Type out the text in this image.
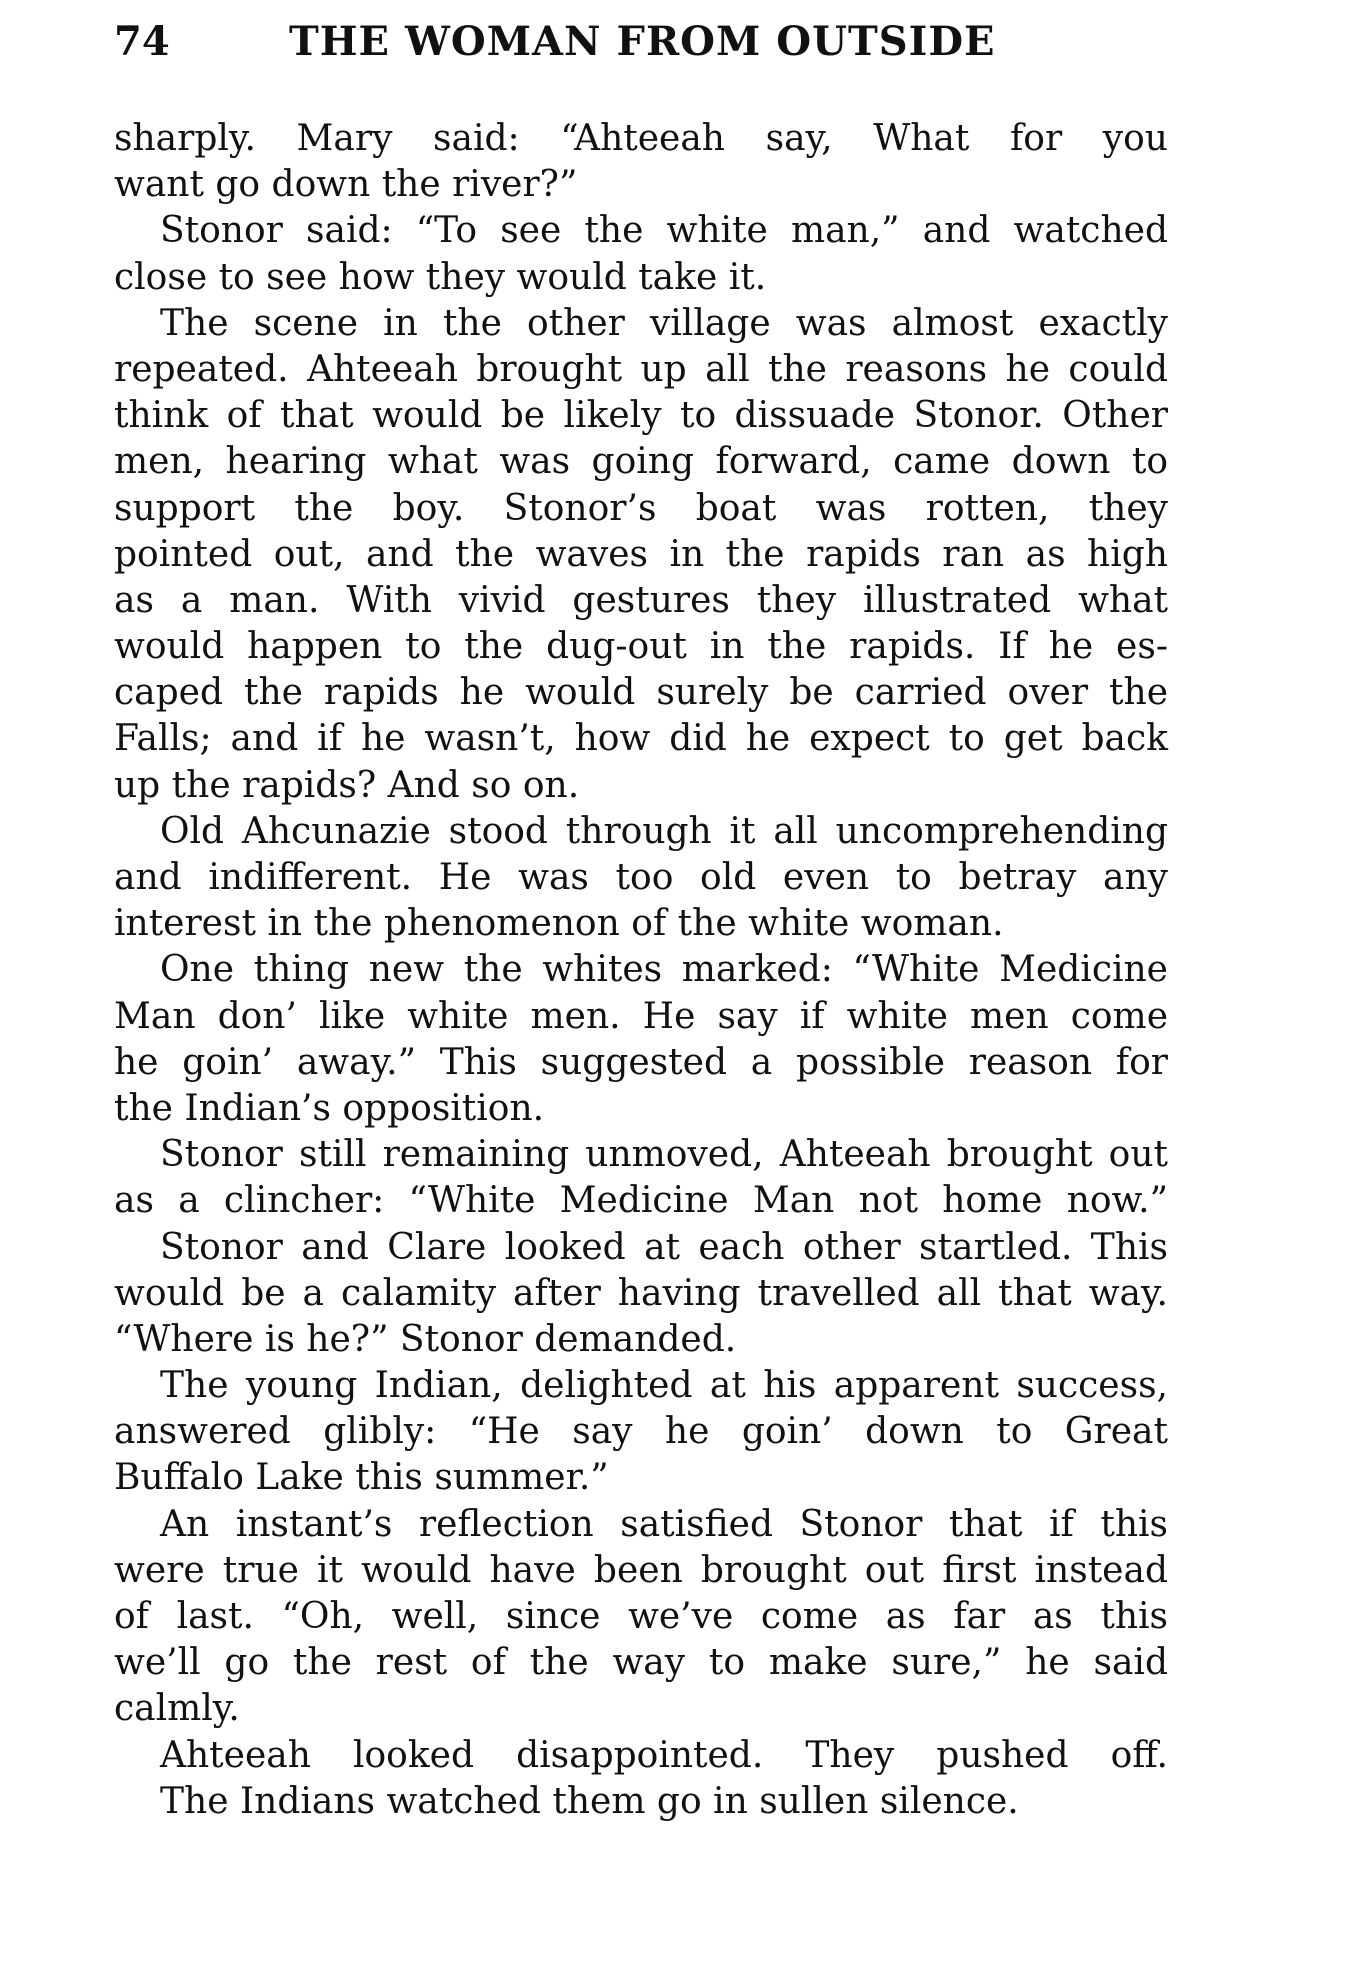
74	THE WOMAN FROM OUTSIDE
sharply. Mary said: “Ahteeah say, What for you
want go down the river?”
Stonor said: “To see the white man,” and watched
close to see how they would take it.
The scene in the other village was almost exactly
repeated. Ahteeah brought up all the reasons he could
think of that would be likely to dissuade Stonor. Other
men, hearing what was going forward, came down to
support the boy. Stonor’s boat was rotten, they
pointed out, and the waves in the rapids ran as high
as a man. With vivid gestures they illustrated what
would happen to the dug-out in the rapids. If he es-
caped the rapids he would surely be carried over the
Falls; and if he wasn’t, how did he expect to get back
up the rapids? And so on.
Old Ahcunazie stood through it all uncomprehending
and indifferent. He was too old even to betray any
interest in the phenomenon of the white woman.
One thing new the whites marked: “White Medicine
Man don’ like white men. He say if white men come
he goin’ away.” This suggested a possible reason for
the Indian’s opposition.
Stonor still remaining unmoved, Ahteeah brought out
as a clincher: “White Medicine Man not home now.”
Stonor and Clare looked at each other startled. This
would be a calamity after having travelled all that way.
“Where is he?” Stonor demanded.
The young Indian, delighted at his apparent success,
answered glibly: “He say he goin’ down to Great
Buffalo Lake this summer.”
An instant’s reflection satisfied Stonor that if this
were true it would have been brought out first instead
of last. “Oh, well, since we’ve come as far as this
we’ll go the rest of the way to make sure,” he said
calmly.
Ahteeah looked disappointed. They pushed off.
The Indians watched them go in sullen silence.
